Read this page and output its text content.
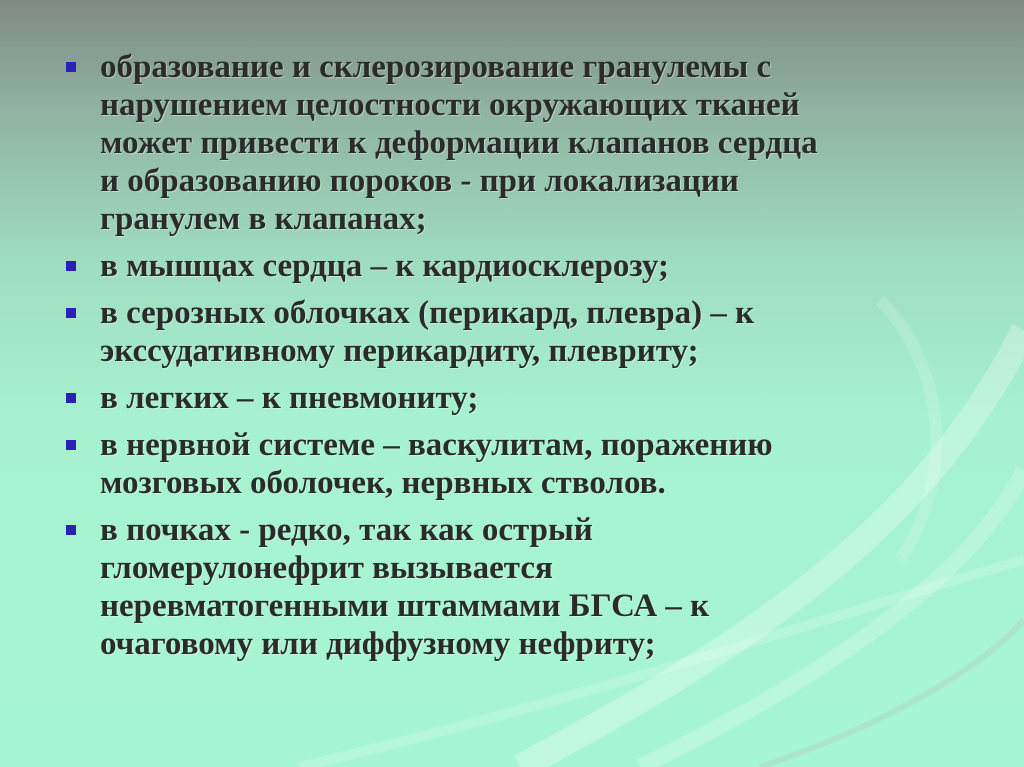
образование и склерозирование гранулемы с
нарушением целостности окружающих тканей
может привести к деформации клапанов сердца
и образованию пороков - при локализации
гранулем в клапанах;
в мышцах сердца – к кардиосклерозу;
в серозных облочках (перикард, плевра) – к
экссудативному перикардиту, плевриту;
в легких – к пневмониту;
в нервной системе – васкулитам, поражению
мозговых оболочек, нервных стволов.
в почках - редко, так как острый
гломерулонефрит вызывается
неревматогенными штаммами БГСА – к
очаговому или диффузному нефриту;
